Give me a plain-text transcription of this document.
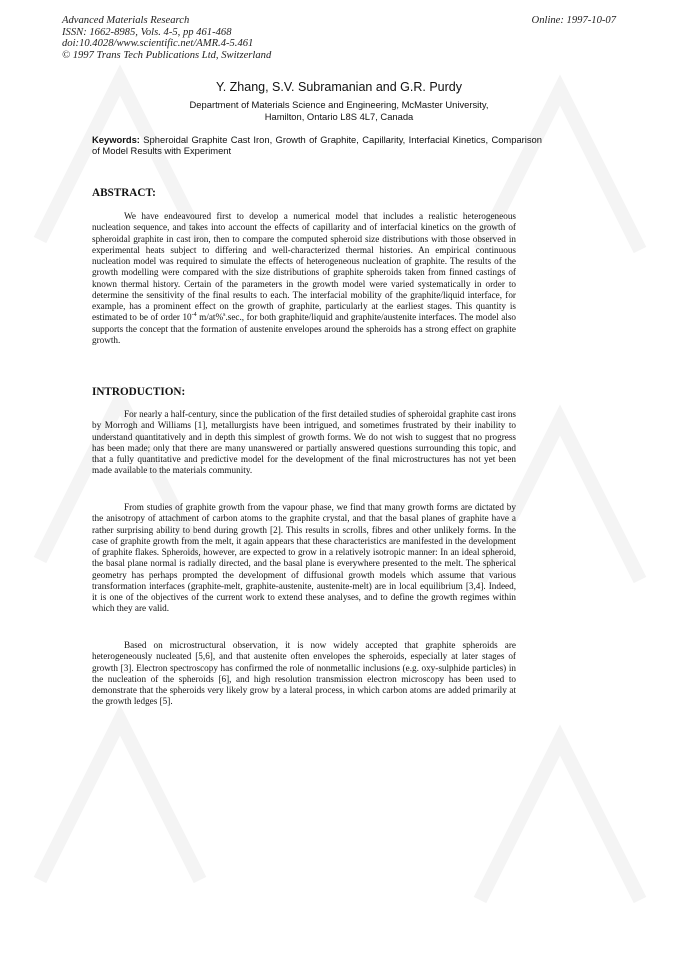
Advanced Materials Research
ISSN: 1662-8985, Vols. 4-5, pp 461-468
doi:10.4028/www.scientific.net/AMR.4-5.461
© 1997 Trans Tech Publications Ltd, Switzerland
Online: 1997-10-07
Y. Zhang, S.V. Subramanian and G.R. Purdy
Department of Materials Science and Engineering, McMaster University,
Hamilton, Ontario L8S 4L7, Canada
Keywords: Spheroidal Graphite Cast Iron, Growth of Graphite, Capillarity, Interfacial Kinetics, Comparison of Model Results with Experiment
ABSTRACT:

We have endeavoured first to develop a numerical model that includes a realistic heterogeneous nucleation sequence, and takes into account the effects of capillarity and of interfacial kinetics on the growth of spheroidal graphite in cast iron, then to compare the computed spheroid size distributions with those observed in experimental heats subject to differing and well-characterized thermal histories. An empirical continuous nucleation model was required to simulate the effects of heterogeneous nucleation of graphite. The results of the growth modelling were compared with the size distributions of graphite spheroids taken from finned castings of known thermal history. Certain of the parameters in the growth model were varied systematically in order to determine the sensitivity of the final results to each. The interfacial mobility of the graphite/liquid interface, for example, has a prominent effect on the growth of graphite, particularly at the earliest stages. This quantity is estimated to be of order $10^{-4}$ m/at%$^s$.sec., for both graphite/liquid and graphite/austenite interfaces. The model also supports the concept that the formation of austenite envelopes around the spheroids has a strong effect on graphite growth.

INTRODUCTION:

For nearly a half-century, since the publication of the first detailed studies of spheroidal graphite cast irons by Morrogh and Williams [1], metallurgists have been intrigued, and sometimes frustrated by their inability to understand quantitatively and in depth this simplest of growth forms. We do not wish to suggest that no progress has been made; only that there are many unanswered or partially answered questions surrounding this topic, and that a fully quantitative and predictive model for the development of the final microstructures has not yet been made available to the materials community.

From studies of graphite growth from the vapour phase, we find that many growth forms are dictated by the anisotropy of attachment of carbon atoms to the graphite crystal, and that the basal planes of graphite have a rather surprising ability to bend during growth [2]. This results in scrolls, fibres and other unlikely forms. In the case of graphite growth from the melt, it again appears that these characteristics are manifested in the development of graphite flakes. Spheroids, however, are expected to grow in a relatively isotropic manner: In an ideal spheroid, the basal plane normal is radially directed, and the basal plane is everywhere presented to the melt. The spherical geometry has perhaps prompted the development of diffusional growth models which assume that various transformation interfaces (graphite-melt, graphite-austenite, austenite-melt) are in local equilibrium [3,4]. Indeed, it is one of the objectives of the current work to extend these analyses, and to define the growth regimes within which they are valid.

Based on microstructural observation, it is now widely accepted that graphite spheroids are heterogeneously nucleated [5,6], and that austenite often envelopes the spheroids, especially at later stages of growth [3]. Electron spectroscopy has confirmed the role of nonmetallic inclusions (e.g. oxy-sulphide particles) in the nucleation of the spheroids [6], and high resolution transmission electron microscopy has been used to demonstrate that the spheroids very likely grow by a lateral process, in which carbon atoms are added primarily at the growth ledges [5].
